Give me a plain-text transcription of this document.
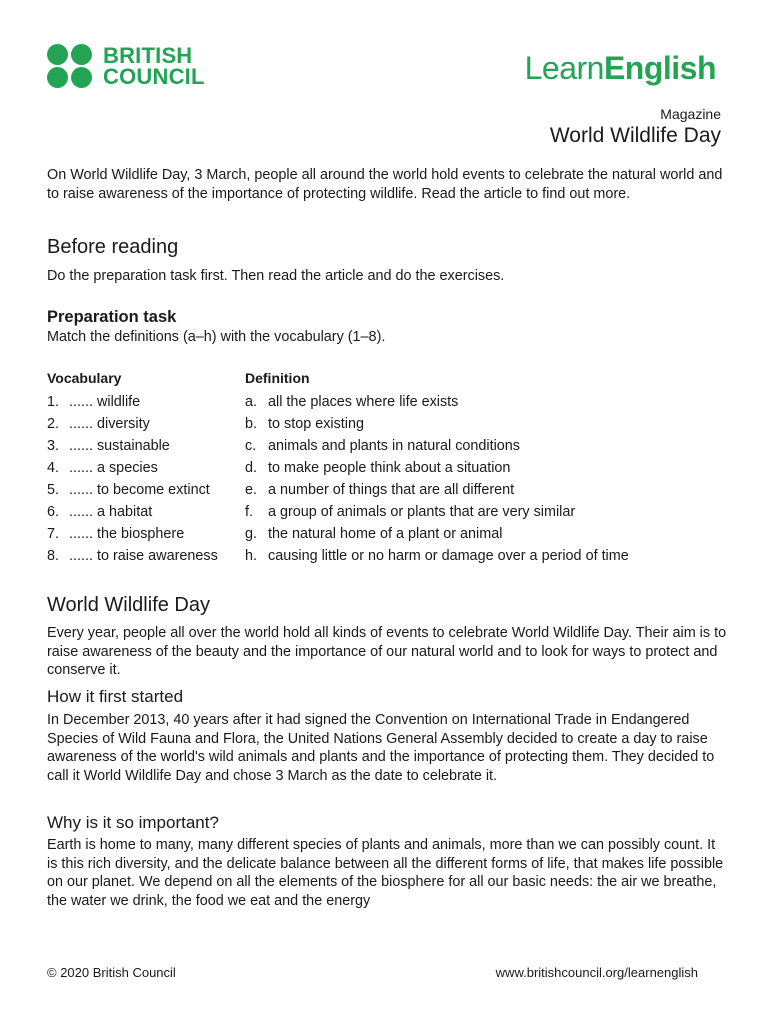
BRITISH
COUNCIL	LearnEnglish
Magazine
World Wildlife Day

On World Wildlife Day, 3 March, people all around the world hold events to celebrate the natural world and to raise awareness of the importance of protecting wildlife. Read the article to find out more.

Before reading

Do the preparation task first. Then read the article and do the exercises.

Preparation task

Match the definitions (a–h) with the vocabulary (1–8).

Vocabulary	Definition
1. ...... wildlife	a. all the places where life exists
2. ...... diversity	b. to stop existing
3. ...... sustainable	c. animals and plants in natural conditions
4. ...... a species	d. to make people think about a situation
5. ...... to become extinct e. a number of things that are all different
6. ...... a habitat	f. a group of animals or plants that are very similar
7. ...... the biosphere	g. the natural home of a plant or animal
8. ...... to raise awareness h. causing little or no harm or damage over a period of time
World Wildlife Day

Every year, people all over the world hold all kinds of events to celebrate World Wildlife Day. Their aim is to raise awareness of the beauty and the importance of our natural world and to look for ways to protect and conserve it.

How it first started

In December 2013, 40 years after it had signed the Convention on International Trade in Endangered Species of Wild Fauna and Flora, the United Nations General Assembly decided to create a day to raise awareness of the world's wild animals and plants and the importance of protecting them. They decided to call it World Wildlife Day and chose 3 March as the date to celebrate it.

Why is it so important?

Earth is home to many, many different species of plants and animals, more than we can possibly count. It is this rich diversity, and the delicate balance between all the different forms of life, that makes life possible on our planet. We depend on all the elements of the biosphere for all our basic needs: the air we breathe, the water we drink, the food we eat and the energy

© 2020 British Council	www.britishcouncil.org/learnenglish
